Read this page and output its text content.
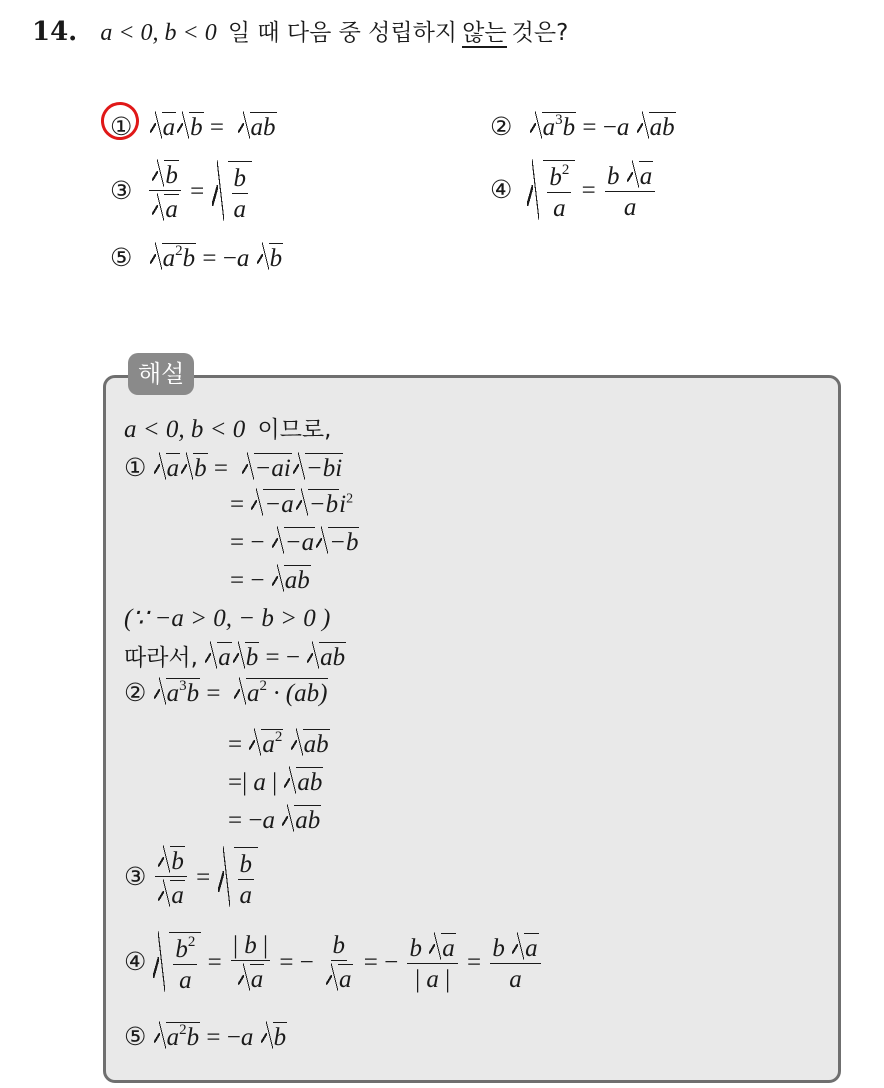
14. a < 0, b < 0 일 때 다음 중 성립하지 않는 것은?
① a b =  ab	② $a^3b = -a$ ab
③ $\frac{b}{a} = \frac{b}{a}$	④ $\frac{b^2}{a} = \frac{\text{b a}}{a}$
⑤ $a^2b = -a$ b
해설
a < 0, b < 0 이므로,
① a b =  −ai −bi
= $-a -bi^2$
= − −a −b
= − ab
(∵ −a > 0, − b > 0 )
따라서, a b = − ab
② $a^3b = a^2 \cdot (ab)$
= $a^2$ ab
=| a | ab
= −a ab
③ $\frac{b}{a} = \frac{b}{a}$
④ $\frac{b^2}{a} = \frac{| b |}{a}$ = − $\frac{b}{a}$ = − $\frac{\text{b a}}{| a |} = \frac{\text{b a}}{a}$
⑤ $a^2b = -a$ b
